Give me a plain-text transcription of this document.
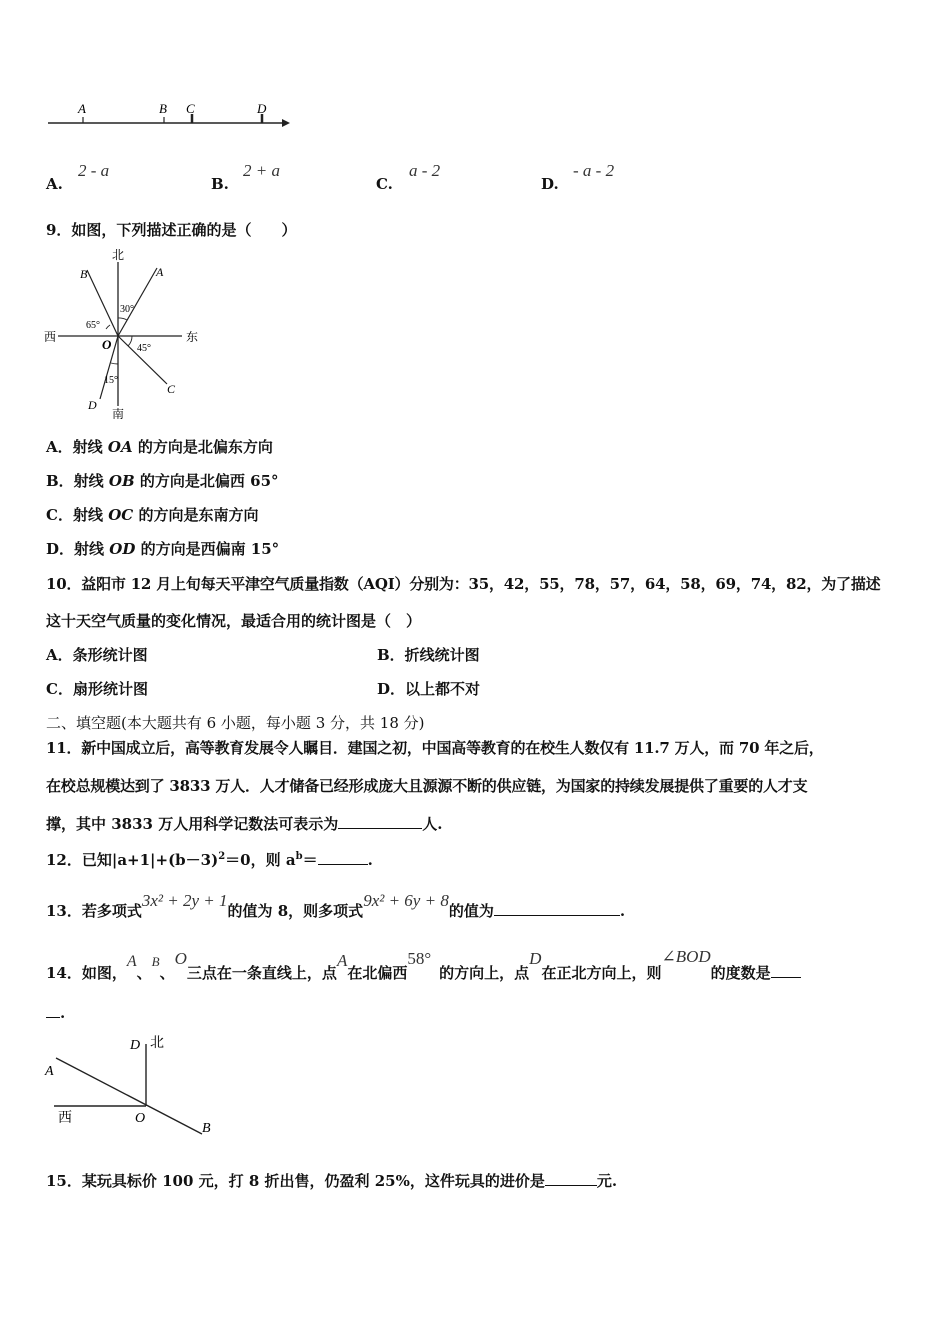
A	B C	D
A.
2 - a
B.
2 + a
C.
a - 2
D.
- a - 2
9．如图，下列描述正确的是（　　）
北
南
西	东
O
A
B
C
D
30°
65°
45°
15°
A．射线 OA 的方向是北偏东方向
B．射线 OB 的方向是北偏西 65°
C．射线 OC 的方向是东南方向
D．射线 OD 的方向是西偏南 15°
10．益阳市 12 月上旬每天平津空气质量指数（AQI）分别为：35，42，55，78，57，64，58，69，74，82，为了描述
这十天空气质量的变化情况，最适合用的统计图是（　）
A．条形统计图	B．折线统计图
C．扇形统计图	D．以上都不对
二、填空题(本大题共有 6 小题，每小题 3 分，共 18 分)
11．新中国成立后，高等教育发展令人瞩目．建国之初，中国高等教育的在校生人数仅有 11.7 万人，而 70 年之后，
在校总规模达到了 3833 万人．人才储备已经形成庞大且源源不断的供应链，为国家的持续发展提供了重要的人才支
撑，其中 3833 万人用科学记数法可表示为	人.
12．已知$|a+1|+(b-3)^2=0$，则 $a^b=$	.
13．若多项式3x² + 2y + 1的值为 8，则多项式9x² + 6y + 8的值为	.
14．如图，A、B、O三点在一条直线上，点A在北偏西58°的方向上，点D在正北方向上，则∠BOD的度数是
.
D 北
A
西	O
B
15．某玩具标价 100 元，打 8 折出售，仍盈利 25%，这件玩具的进价是	元.
